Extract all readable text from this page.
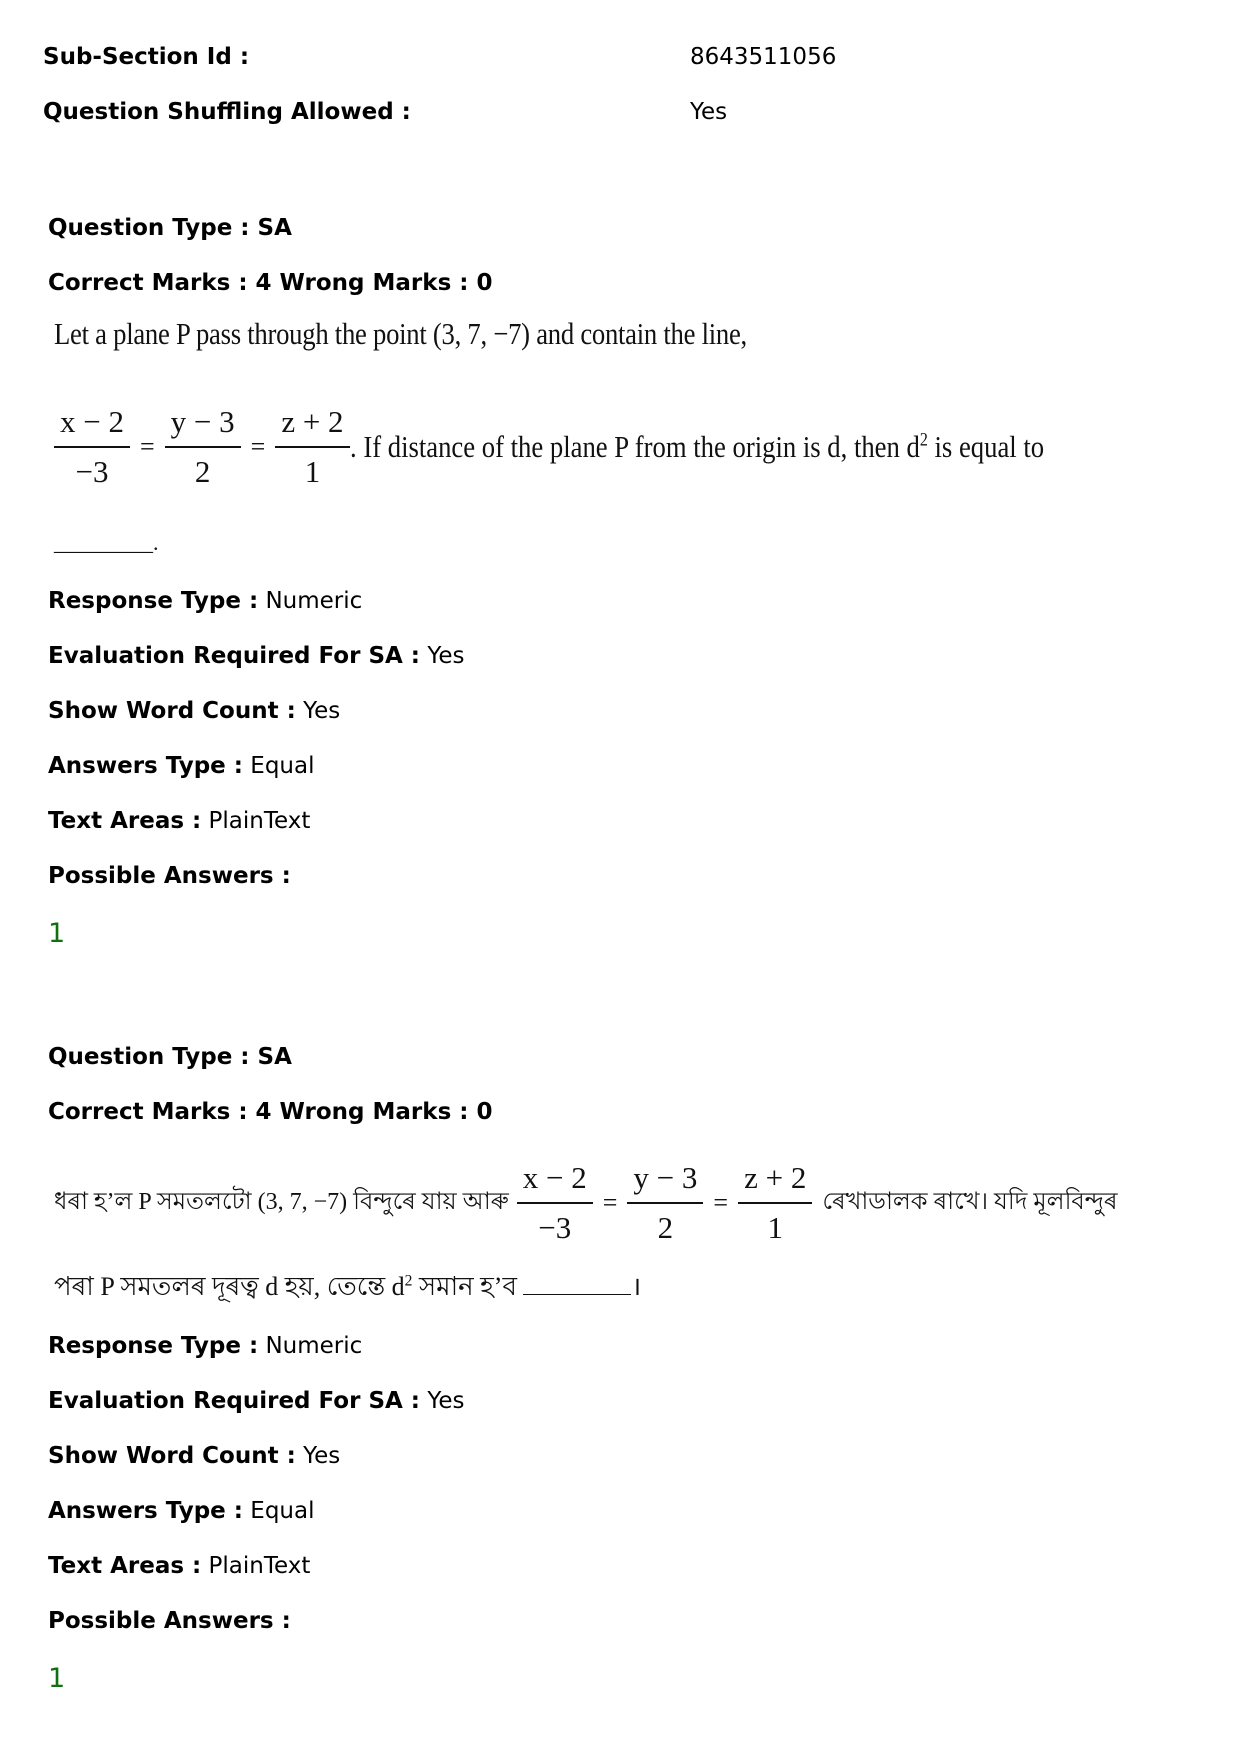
Sub-Section Id :	8643511056
Question Shuffling Allowed :	Yes
Question Type : SA
Correct Marks : 4 Wrong Marks : 0
Let a plane P pass through the point (3, 7, −7) and contain the line,
$\frac{x - 2}{-3} = \frac{y - 3}{2} = \frac{z + 2}{1}$ . If distance of the plane P from the origin is d, then $d^2$ is equal to
_________.
Response Type : Numeric
Evaluation Required For SA : Yes
Show Word Count : Yes
Answers Type : Equal
Text Areas : PlainText
Possible Answers :
1
Question Type : SA
Correct Marks : 4 Wrong Marks : 0
ধৰা হ’ল P সমতলটো (3, 7, −7) বিন্দুৰে যায় আৰু $\frac{x - 2}{-3} = \frac{y - 3}{2} = \frac{z + 2}{1}$ ৰেখাডালক ৰাখে। যদি মূলবিন্দুৰ
পৰা P সমতলৰ দূৰত্ব d হয়, তেন্তে $d^2$ সমান হ’ব	।
Response Type : Numeric
Evaluation Required For SA : Yes
Show Word Count : Yes
Answers Type : Equal
Text Areas : PlainText
Possible Answers :
1
